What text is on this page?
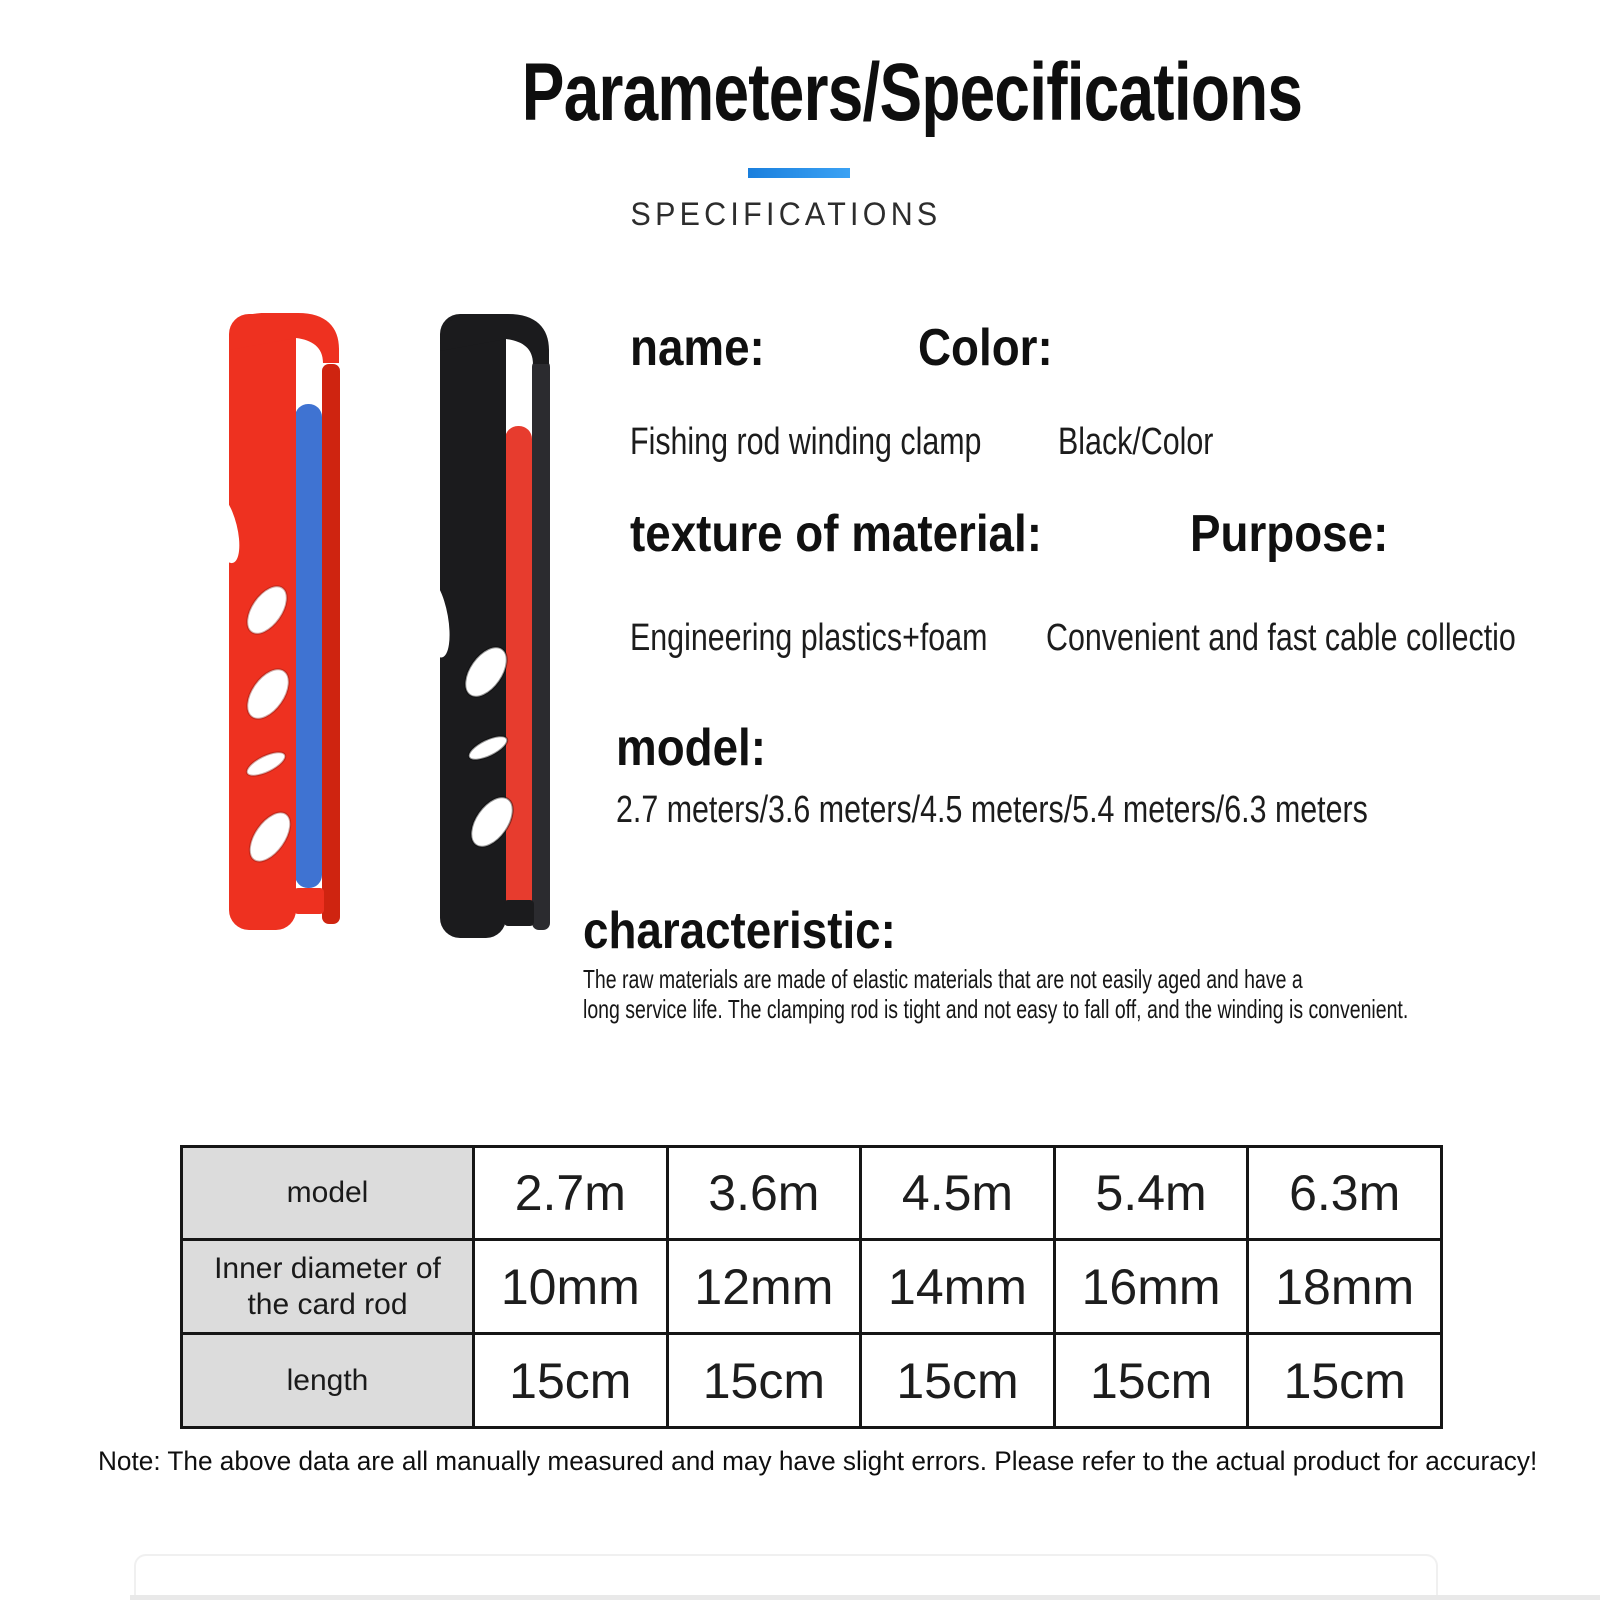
Parameters/Specifications
SPECIFICATIONS
name:	Color:
Fishing rod winding clamp Black/Color
texture of material:	Purpose:
Engineering plastics+foam Convenient and fast cable collectio
model:
2.7 meters/3.6 meters/4.5 meters/5.4 meters/6.3 meters
characteristic:
The raw materials are made of elastic materials that are not easily aged and have a
long service life. The clamping rod is tight and not easy to fall off, and the winding is convenient.
model	2.7m	3.6m	4.5m	5.4m	6.3m
Inner diameter of the card rod	10mm	12mm	14mm	16mm	18mm
length	15cm	15cm	15cm	15cm	15cm
Note: The above data are all manually measured and may have slight errors. Please refer to the actual product for accuracy!
